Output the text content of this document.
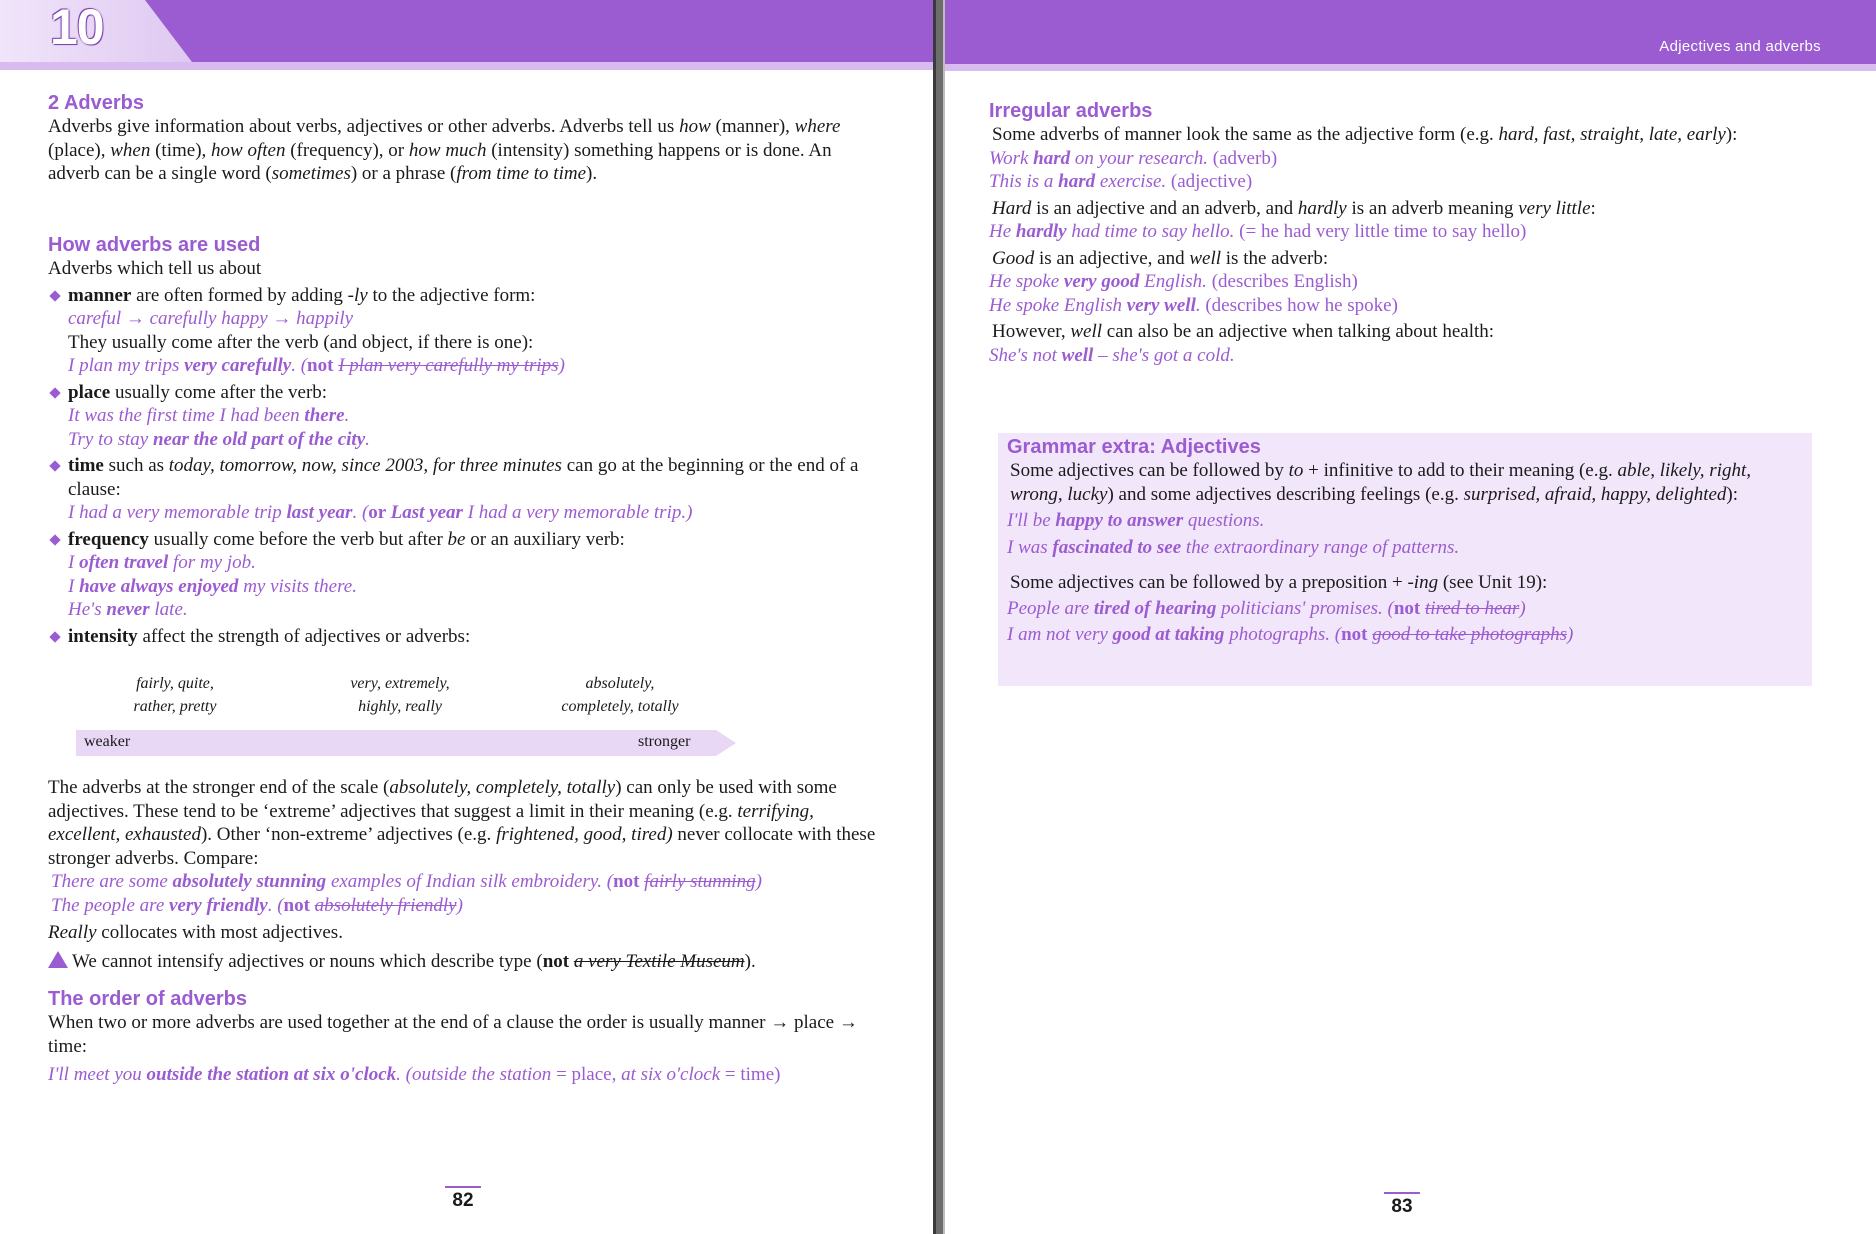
10
2 Adverbs

Adverbs give information about verbs, adjectives or other adverbs. Adverbs tell us how (manner), where (place), when (time), how often (frequency), or how much (intensity) something happens or is done. An adverb can be a single word (sometimes) or a phrase (from time to time).

How adverbs are used

Adverbs which tell us about

manner are often formed by adding -ly to the adjective form:
careful → carefully happy → happily
They usually come after the verb (and object, if there is one):
I plan my trips very carefully. (not I plan very carefully my trips)
place usually come after the verb:
It was the first time I had been there.
Try to stay near the old part of the city.
time such as today, tomorrow, now, since 2003, for three minutes can go at the beginning or the end of a clause:
I had a very memorable trip last year. (or Last year I had a very memorable trip.)
frequency usually come before the verb but after be or an auxiliary verb:
I often travel for my job.
I have always enjoyed my visits there.
He's never late.
intensity affect the strength of adjectives or adverbs:
fairly, quite,
rather, pretty
very, extremely,
highly, really
absolutely,
completely, totally
weaker	stronger

The adverbs at the stronger end of the scale (absolutely, completely, totally) can only be used with some adjectives. These tend to be ‘extreme’ adjectives that suggest a limit in their meaning (e.g. terrifying, excellent, exhausted). Other ‘non-extreme’ adjectives (e.g. frightened, good, tired) never collocate with these stronger adverbs. Compare:

There are some absolutely stunning examples of Indian silk embroidery. (not fairly stunning)
The people are very friendly. (not absolutely friendly)

Really collocates with most adjectives.

We cannot intensify adjectives or nouns which describe type (not a very Textile Museum).

The order of adverbs

When two or more adverbs are used together at the end of a clause the order is usually manner → place → time:

I'll meet you outside the station at six o'clock. (outside the station = place, at six o'clock = time)
82
Adjectives and adverbs
Irregular adverbs

Some adverbs of manner look the same as the adjective form (e.g. hard, fast, straight, late, early):

Work hard on your research. (adverb)
This is a hard exercise. (adjective)

Hard is an adjective and an adverb, and hardly is an adverb meaning very little:

He hardly had time to say hello. (= he had very little time to say hello)

Good is an adjective, and well is the adverb:

He spoke very good English. (describes English)
He spoke English very well. (describes how he spoke)

However, well can also be an adjective when talking about health:

She's not well – she's got a cold.
Grammar extra: Adjectives

Some adjectives can be followed by to + infinitive to add to their meaning (e.g. able, likely, right, wrong, lucky) and some adjectives describing feelings (e.g. surprised, afraid, happy, delighted):

I'll be happy to answer questions.
I was fascinated to see the extraordinary range of patterns.

Some adjectives can be followed by a preposition + -ing (see Unit 19):

People are tired of hearing politicians' promises. (not tired to hear)
I am not very good at taking photographs. (not good to take photographs)
83
